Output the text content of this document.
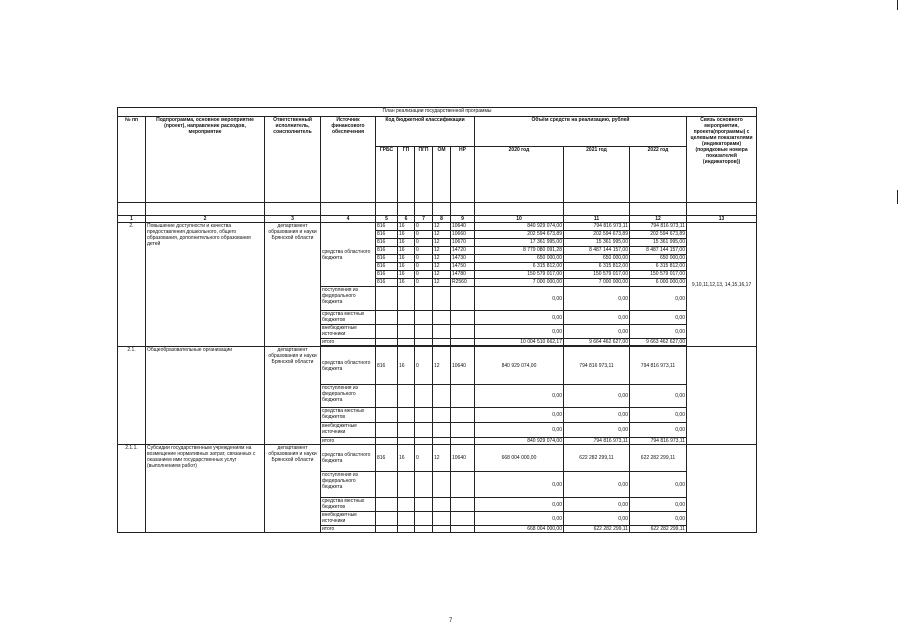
План реализации государственной программы												
№ пп	Подпрограмма, основное мероприятие (проект), направление расходов, мероприятие	Ответственный исполнитель, соисполнитель	Источник финансового обеспечения	Код бюджетной классификации					Объём средств на реализацию, рублей			Связь основного мероприятия, проекта(программы) с целевыми показателями (индикаторами) (порядковые номера показателей (индикаторов))
				ГРБС	ГП	ПГП	ОМ	НР	2020 год	2021 год	2022 год	

1	2	3	4	5	6	7	8	9	10	11	12	13
2.	Повышение доступности и качества предоставления дошкольного, общего образования, дополнительного образования детей	департамент образования и науки Брянской области	средства областного бюджета	816	16	0	12	10640	840 929 074,00	794 816 973,11	794 816 973,11	9,10,11,12,13, 14,15,16,17
				816	16	0	12	10660	202 594 673,89	202 594 673,89	202 594 673,89	
				816	16	0	12	10670	17 361 995,00	15 361 995,00	15 361 995,00	
				816	16	0	12	14720	8 779 080 091,28	8 487 144 157,00	8 487 144 157,00	
				816	16	0	12	14730	650 000,00	650 000,00	650 000,00	
				816	16	0	12	14750	6 315 812,00	6 315 812,00	6 315 812,00	
				816	16	0	12	14780	150 579 017,00	150 579 017,00	150 579 017,00	
				816	16	0	12	R2560	7 000 000,00	7 000 000,00	6 000 000,00	
			поступления из федерального бюджета						0,00	0,00	0,00	
			средства местных бюджетов						0,00	0,00	0,00	
			внебюджетные источники						0,00	0,00	0,00	
			итого						10 004 510 662,17	9 664 462 627,00	9 663 462 627,00	

2.1.	Общеобразовательные организации	департамент образования и науки Брянской области	средства областного бюджета	816	16	0	12	10640	840 929 074,00	794 816 973,11	794 816 973,11	
			поступления из федерального бюджета						0,00	0,00	0,00	
			средства местных бюджетов						0,00	0,00	0,00	
			внебюджетные источники						0,00	0,00	0,00	
			итого						840 929 074,00	794 816 973,11	794 816 973,11	
2.1.1.	Субсидии государственным учреждениям на возмещение нормативных затрат, связанных с оказанием ими государственных услуг (выполнением работ)	департамент образования и науки Брянской области	средства областного бюджета	816	16	0	12	10640	668 004 000,00	622 282 299,11	622 282 299,11	
			поступления из федерального бюджета						0,00	0,00	0,00	
			средства местных бюджетов						0,00	0,00	0,00	
			внебюджетные источники						0,00	0,00	0,00	
			итого						668 004 000,00	622 282 299,11	622 282 299,11	
7
